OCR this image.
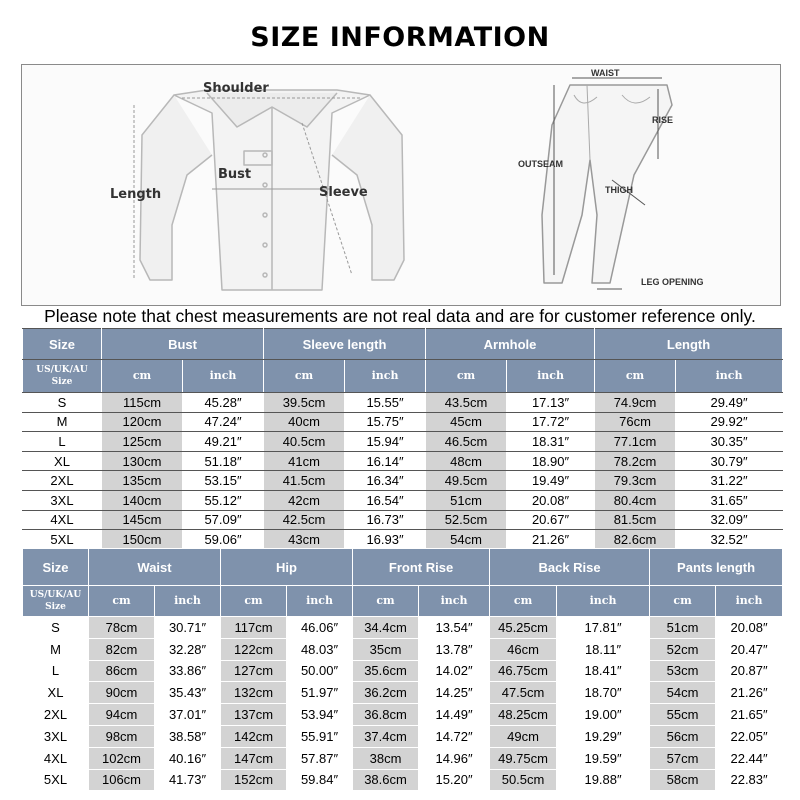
SIZE INFORMATION
Shoulder
Bust
Length	Sleeve
WAIST
RISE
OUTSEAM
THIGH
LEG OPENING
Please note that chest measurements are not real data and are for customer reference only.
Size	Bust		Sleeve length		Armhole		Length	
US/UK/AU
Size	cm	inch	cm	inch	cm	inch	cm	inch
S	115cm	45.28″	39.5cm	15.55″	43.5cm	17.13″	74.9cm	29.49″
M	120cm	47.24″	40cm	15.75″	45cm	17.72″	76cm	29.92″
L	125cm	49.21″	40.5cm	15.94″	46.5cm	18.31″	77.1cm	30.35″
XL	130cm	51.18″	41cm	16.14″	48cm	18.90″	78.2cm	30.79″
2XL	135cm	53.15″	41.5cm	16.34″	49.5cm	19.49″	79.3cm	31.22″
3XL	140cm	55.12″	42cm	16.54″	51cm	20.08″	80.4cm	31.65″
4XL	145cm	57.09″	42.5cm	16.73″	52.5cm	20.67″	81.5cm	32.09″
5XL	150cm	59.06″	43cm	16.93″	54cm	21.26″	82.6cm	32.52″
Size	Waist		Hip		Front Rise		Back Rise		Pants length	
US/UK/AU
Size	cm	inch	cm	inch	cm	inch	cm	inch	cm	inch
S	78cm	30.71″	117cm	46.06″	34.4cm	13.54″	45.25cm	17.81″	51cm	20.08″
M	82cm	32.28″	122cm	48.03″	35cm	13.78″	46cm	18.11″	52cm	20.47″
L	86cm	33.86″	127cm	50.00″	35.6cm	14.02″	46.75cm	18.41″	53cm	20.87″
XL	90cm	35.43″	132cm	51.97″	36.2cm	14.25″	47.5cm	18.70″	54cm	21.26″
2XL	94cm	37.01″	137cm	53.94″	36.8cm	14.49″	48.25cm	19.00″	55cm	21.65″
3XL	98cm	38.58″	142cm	55.91″	37.4cm	14.72″	49cm	19.29″	56cm	22.05″
4XL	102cm	40.16″	147cm	57.87″	38cm	14.96″	49.75cm	19.59″	57cm	22.44″
5XL	106cm	41.73″	152cm	59.84″	38.6cm	15.20″	50.5cm	19.88″	58cm	22.83″
